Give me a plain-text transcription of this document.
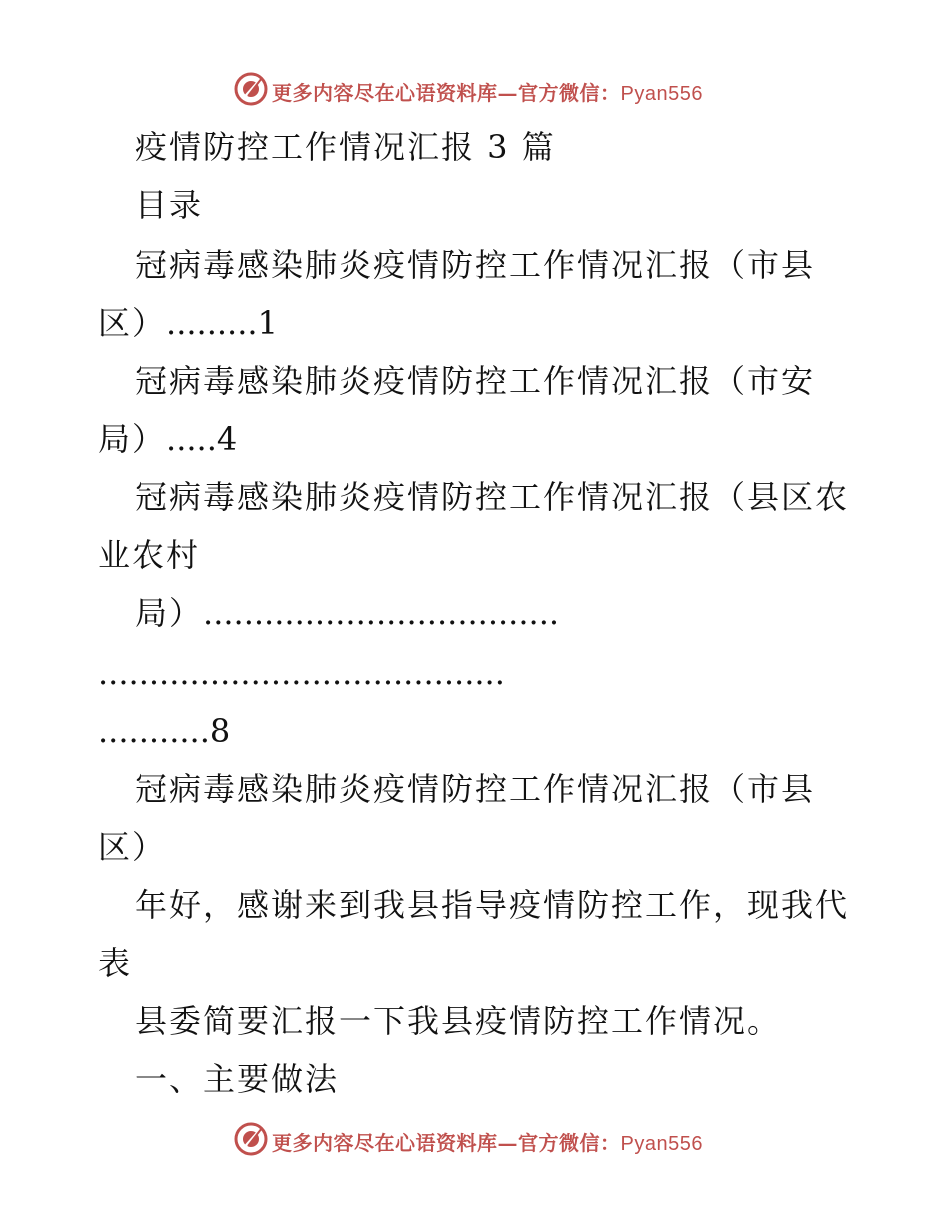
更多内容尽在心语资料库—官方微信：Pyan556
疫情防控工作情况汇报 3 篇
目录
冠病毒感染肺炎疫情防控工作情况汇报（市县
区）.........1
冠病毒感染肺炎疫情防控工作情况汇报（市安
局）.....4
冠病毒感染肺炎疫情防控工作情况汇报（县区农
业农村
局）...................................
........................................
...........8
冠病毒感染肺炎疫情防控工作情况汇报（市县
区）
年好，感谢来到我县指导疫情防控工作，现我代
表
县委简要汇报一下我县疫情防控工作情况。
一、主要做法
更多内容尽在心语资料库—官方微信：Pyan556
